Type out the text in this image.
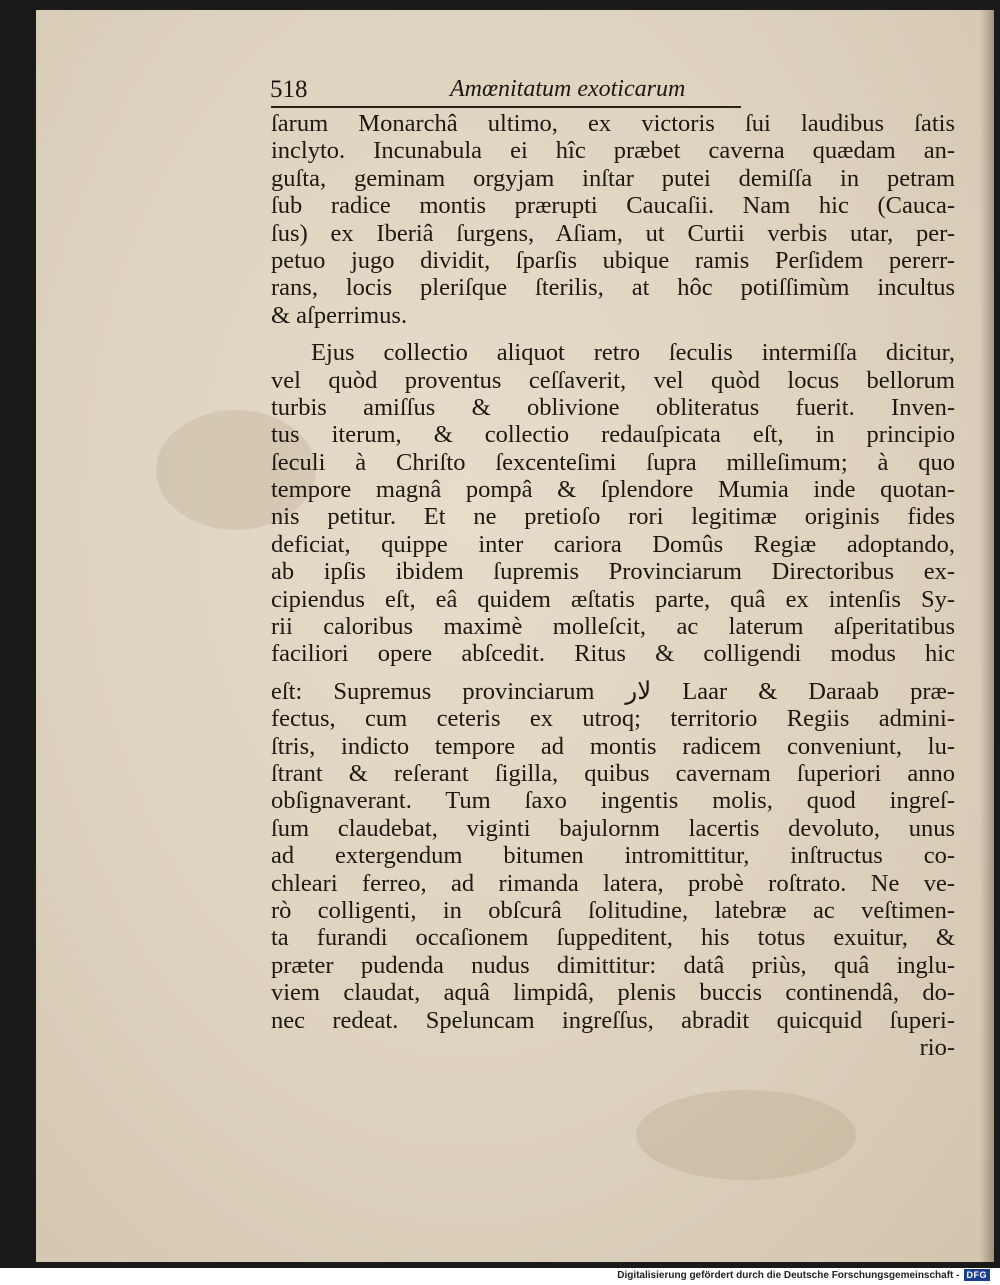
518	Amœnitatum exoticarum
ſarum Monarchâ ultimo, ex victoris ſui laudibus ſatis
inclyto. Incunabula ei hîc præbet caverna quædam an-
guſta, geminam orgyjam inſtar putei demiſſa in petram
ſub radice montis prærupti Caucaſii. Nam hic (Cauca-
ſus) ex Iberiâ ſurgens, Aſiam, ut Curtii verbis utar, per-
petuo jugo dividit, ſparſis ubique ramis Perſidem pererr-
rans, locis pleriſque ſterilis, at hôc potiſſimùm incultus
& aſperrimus.
Ejus collectio aliquot retro ſeculis intermiſſa dicitur,
vel quòd proventus ceſſaverit, vel quòd locus bellorum
turbis amiſſus & oblivione obliteratus fuerit. Inven-
tus iterum, & collectio redauſpicata eſt, in principio
ſeculi à Chriſto ſexcenteſimi ſupra milleſimum; à quo
tempore magnâ pompâ & ſplendore Mumia inde quotan-
nis petitur. Et ne pretioſo rori legitimæ originis fides
deficiat, quippe inter cariora Domûs Regiæ adoptando,
ab ipſis ibidem ſupremis Provinciarum Directoribus ex-
cipiendus eſt, eâ quidem æſtatis parte, quâ ex intenſis Sy-
rii caloribus maximè molleſcit, ac laterum aſperitatibus
faciliori opere abſcedit. Ritus & colligendi modus hic
eſt: Supremus provinciarum لار Laar & Daraab præ-
fectus, cum ceteris ex utroq; territorio Regiis admini-
ſtris, indicto tempore ad montis radicem conveniunt, lu-
ſtrant & reſerant ſigilla, quibus cavernam ſuperiori anno
obſignaverant. Tum ſaxo ingentis molis, quod ingreſ-
ſum claudebat, viginti bajulornm lacertis devoluto, unus
ad extergendum bitumen intromittitur, inſtructus co-
chleari ferreo, ad rimanda latera, probè roſtrato. Ne ve-
rò colligenti, in obſcurâ ſolitudine, latebræ ac veſtimen-
ta furandi occaſionem ſuppeditent, his totus exuitur, &
præter pudenda nudus dimittitur: datâ priùs, quâ inglu-
viem claudat, aquâ limpidâ, plenis buccis continendâ, do-
nec redeat. Speluncam ingreſſus, abradit quicquid ſuperi-
rio-
Digitalisierung gefördert durch die Deutsche Forschungsgemeinschaft - DFG
